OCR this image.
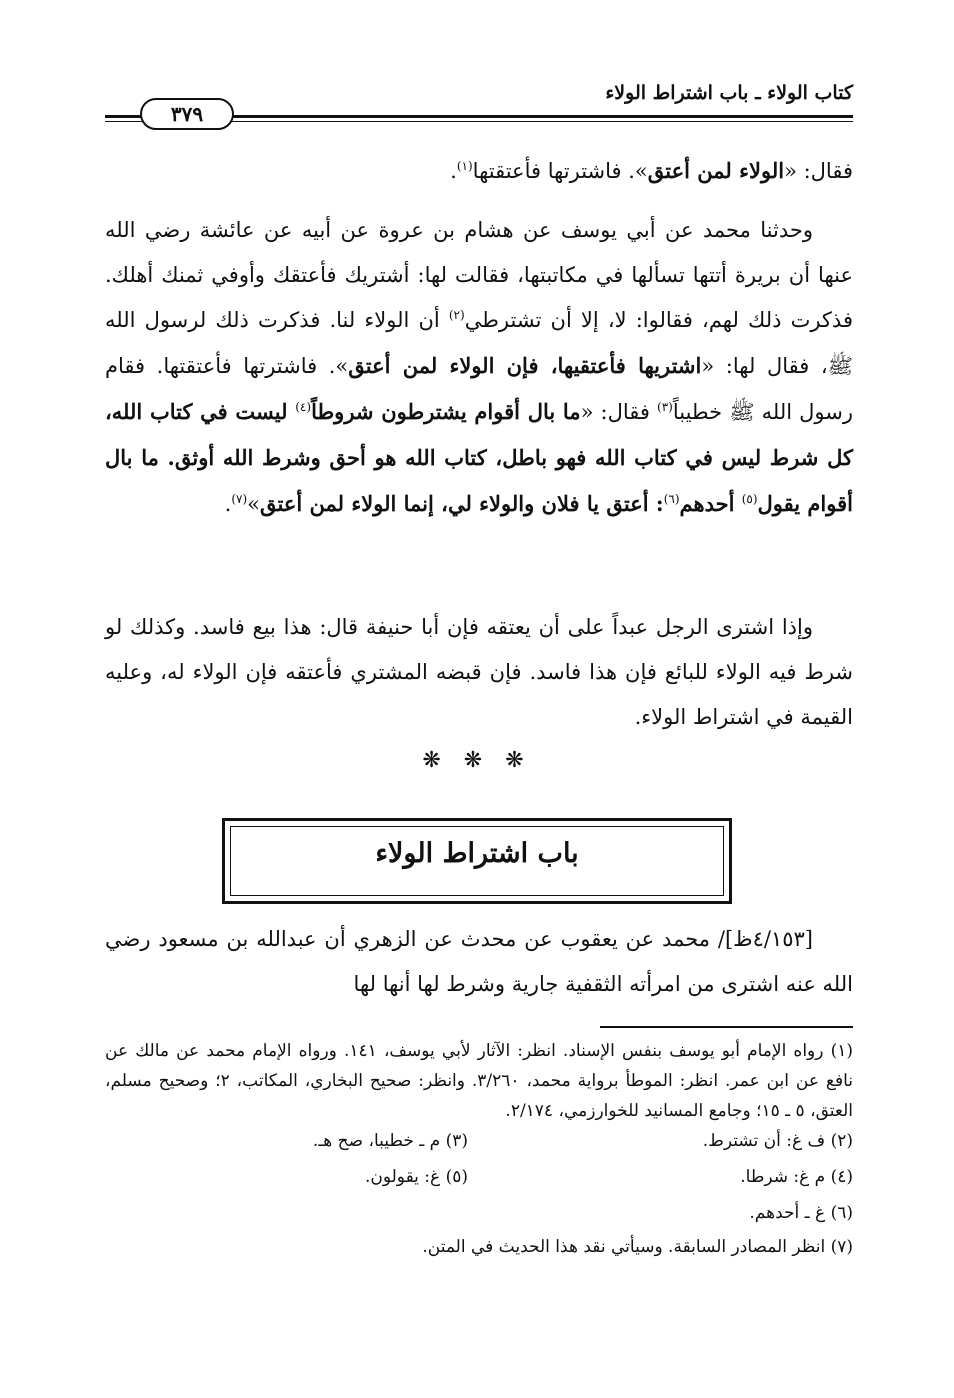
كتاب الولاء ـ باب اشتراط الولاء
٣٧٩
فقال: «الولاء لمن أعتق». فاشترتها فأعتقتها$^{(١)}$.
وحدثنا محمد عن أبي يوسف عن هشام بن عروة عن أبيه عن عائشة رضي الله عنها أن بريرة أتتها تسألها في مكاتبتها، فقالت لها: أشتريك فأعتقك وأوفي ثمنك أهلك. فذكرت ذلك لهم، فقالوا: لا، إلا أن تشترطي$^{(٢)}$ أن الولاء لنا. فذكرت ذلك لرسول الله ﷺ، فقال لها: «اشتريها فأعتقيها، فإن الولاء لمن أعتق». فاشترتها فأعتقتها. فقام رسول الله ﷺ خطيباً$^{(٣)}$ فقال: «ما بال أقوام يشترطون شروطاً$^{(٤)}$ ليست في كتاب الله، كل شرط ليس في كتاب الله فهو باطل، كتاب الله هو أحق وشرط الله أوثق. ما بال أقوام يقول$^{(٥)}$ أحدهم$^{(٦)}$: أعتق يا فلان والولاء لي، إنما الولاء لمن أعتق»$^{(٧)}$.
وإذا اشترى الرجل عبداً على أن يعتقه فإن أبا حنيفة قال: هذا بيع فاسد. وكذلك لو شرط فيه الولاء للبائع فإن هذا فاسد. فإن قبضه المشتري فأعتقه فإن الولاء له، وعليه القيمة في اشتراط الولاء.
❋ ❋ ❋
باب اشتراط الولاء
[٤/١٥٣ظ]/ محمد عن يعقوب عن محدث عن الزهري أن عبدالله بن مسعود رضي الله عنه اشترى من امرأته الثقفية جارية وشرط لها أنها لها
(١) رواه الإمام أبو يوسف بنفس الإسناد. انظر: الآثار لأبي يوسف، ١٤١. ورواه الإمام محمد عن مالك عن نافع عن ابن عمر. انظر: الموطأ برواية محمد، ٣/٢٦٠. وانظر: صحيح البخاري، المكاتب، ٢؛ وصحيح مسلم، العتق، ٥ ـ ١٥؛ وجامع المسانيد للخوارزمي، ٢/١٧٤.
(٢) ف غ: أن تشترط.
(٣) م ـ خطيبا، صح هـ.
(٤) م غ: شرطا.
(٥) غ: يقولون.
(٦) غ ـ أحدهم.
(٧) انظر المصادر السابقة. وسيأتي نقد هذا الحديث في المتن.
